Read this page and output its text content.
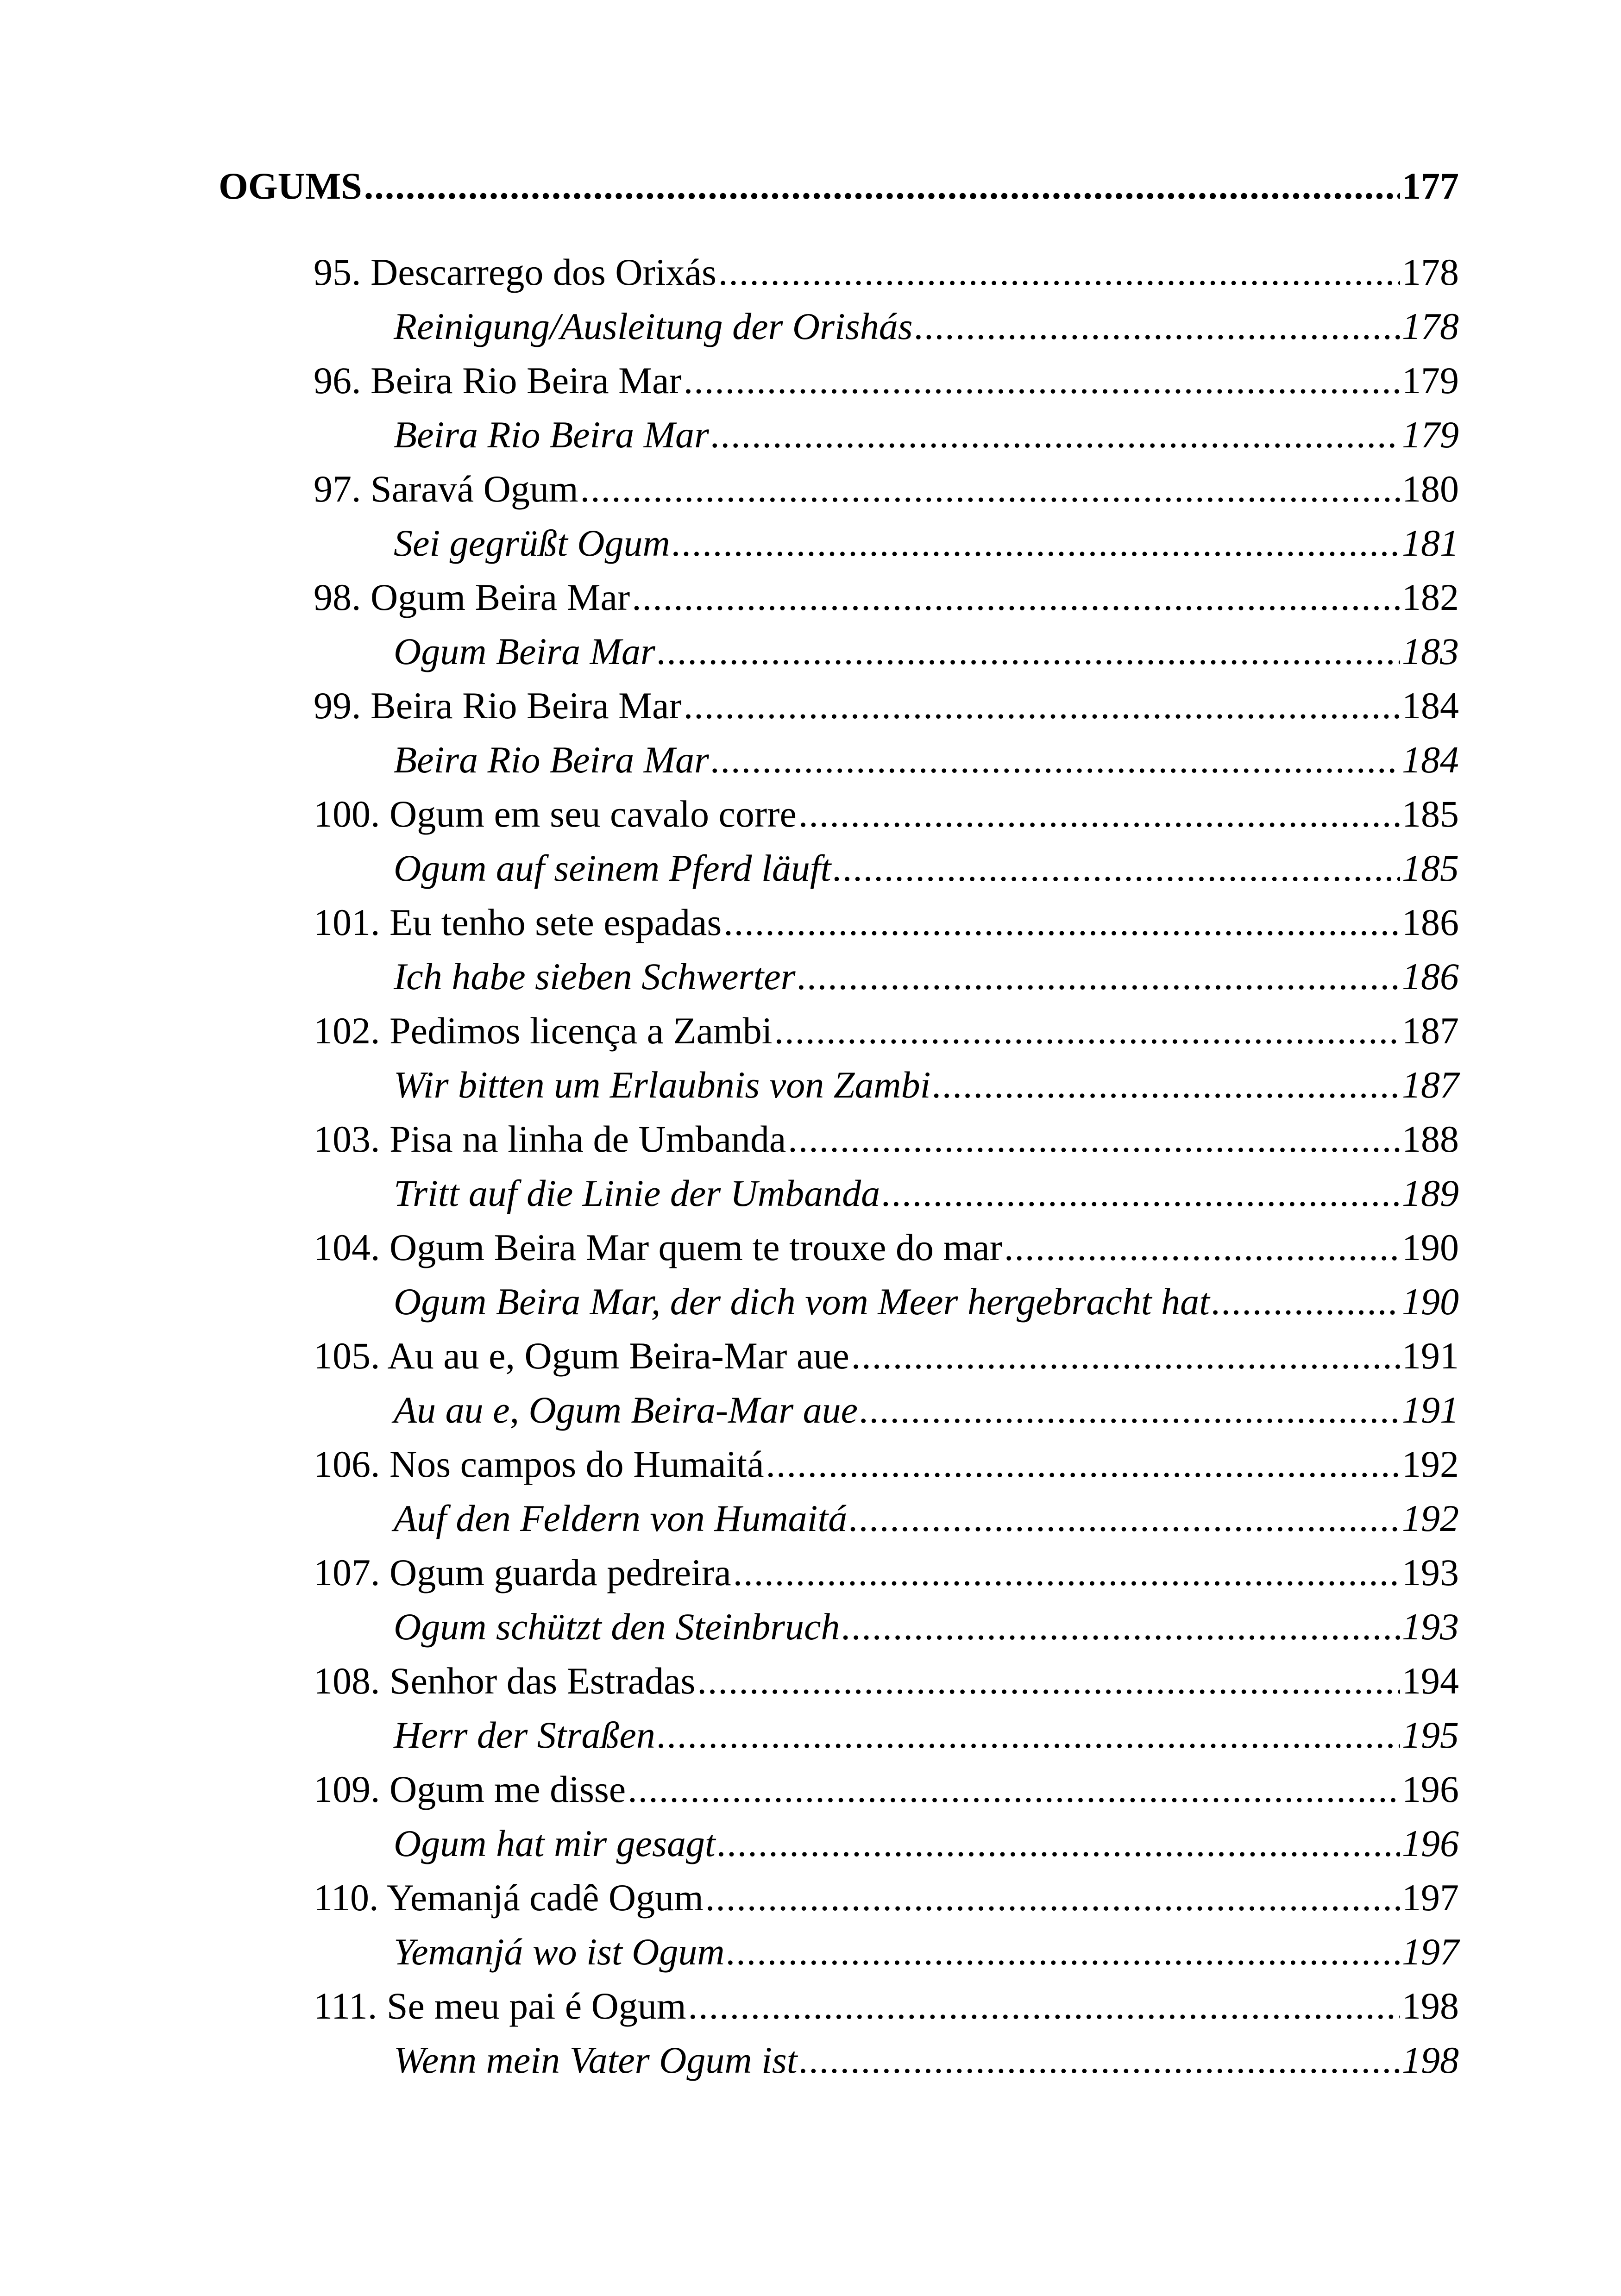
OGUMS .....	177
95. Descarrego dos Orixás .....	178
Reinigung/Ausleitung der Orishás .....	178
96. Beira Rio Beira Mar .....	179
Beira Rio Beira Mar .....	179
97. Saravá Ogum .....	180
Sei gegrüßt Ogum .....	181
98. Ogum Beira Mar .....	182
Ogum Beira Mar .....	183
99. Beira Rio Beira Mar .....	184
Beira Rio Beira Mar .....	184
100. Ogum em seu cavalo corre .....	185
Ogum auf seinem Pferd läuft .....	185
101. Eu tenho sete espadas .....	186
Ich habe sieben Schwerter .....	186
102. Pedimos licença a Zambi .....	187
Wir bitten um Erlaubnis von Zambi .....	187
103. Pisa na linha de Umbanda .....	188
Tritt auf die Linie der Umbanda .....	189
104. Ogum Beira Mar quem te trouxe do mar .....	190
Ogum Beira Mar, der dich vom Meer hergebracht hat .....	190
105. Au au e, Ogum Beira-Mar aue .....	191
Au au e, Ogum Beira-Mar aue .....	191
106. Nos campos do Humaitá .....	192
Auf den Feldern von Humaitá .....	192
107. Ogum guarda pedreira .....	193
Ogum schützt den Steinbruch .....	193
108. Senhor das Estradas .....	194
Herr der Straßen .....	195
109. Ogum me disse .....	196
Ogum hat mir gesagt .....	196
110. Yemanjá cadê Ogum .....	197
Yemanjá wo ist Ogum .....	197
111. Se meu pai é Ogum .....	198
Wenn mein Vater Ogum ist .....	198
